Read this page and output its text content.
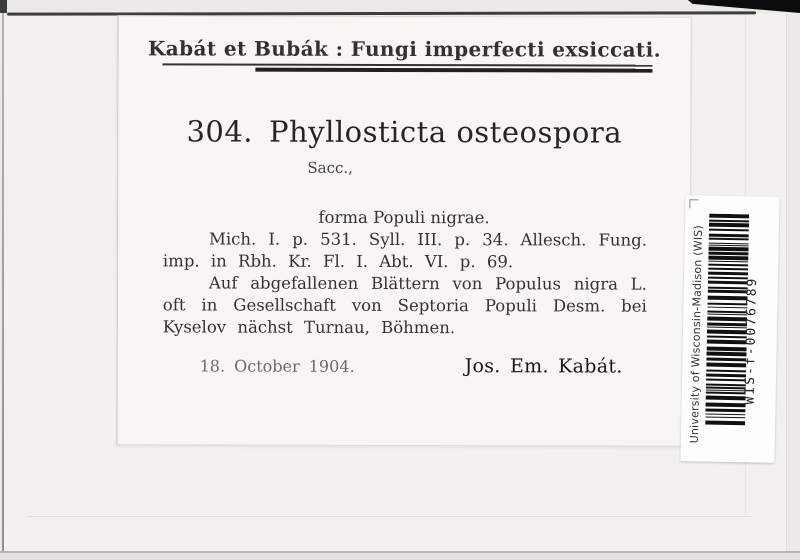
Kabát et Bubák : Fungi imperfecti exsiccati.
304. Phyllosticta osteospora
Sacc.,
forma Populi nigrae.
Mich. I. p. 531. Syll. III. p. 34. Allesch. Fung.
imp. in Rbh. Kr. Fl. I. Abt. VI. p. 69.
Auf abgefallenen Blättern von Populus nigra L.
oft in Gesellschaft von Septoria Populi Desm. bei
Kyselov nächst Turnau, Böhmen.
18. October 1904.	Jos. Em. Kabát.	University of Wisconsin-Madison (WIS)	WIS-f-0076789
